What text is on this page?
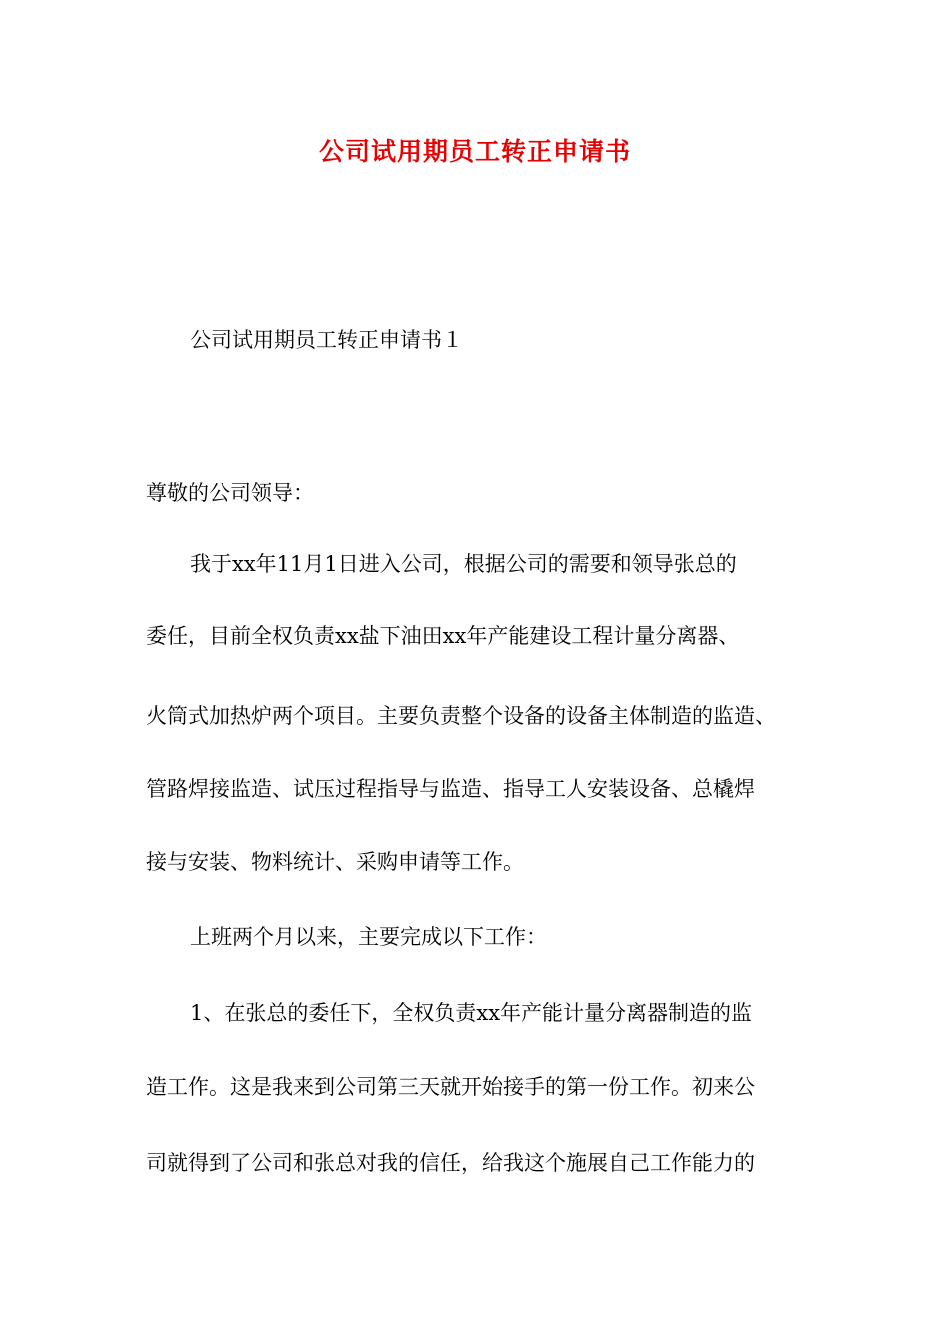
公司试用期员工转正申请书
公司试用期员工转正申请书１
尊敬的公司领导：
我于xx年11月1日进入公司，根据公司的需要和领导张总的
委任，目前全权负责xx盐下油田xx年产能建设工程计量分离器、
火筒式加热炉两个项目。主要负责整个设备的设备主体制造的监造、
管路焊接监造、试压过程指导与监造、指导工人安装设备、总橇焊
接与安装、物料统计、采购申请等工作。
上班两个月以来，主要完成以下工作：
1、在张总的委任下，全权负责xx年产能计量分离器制造的监
造工作。这是我来到公司第三天就开始接手的第一份工作。初来公
司就得到了公司和张总对我的信任，给我这个施展自己工作能力的
